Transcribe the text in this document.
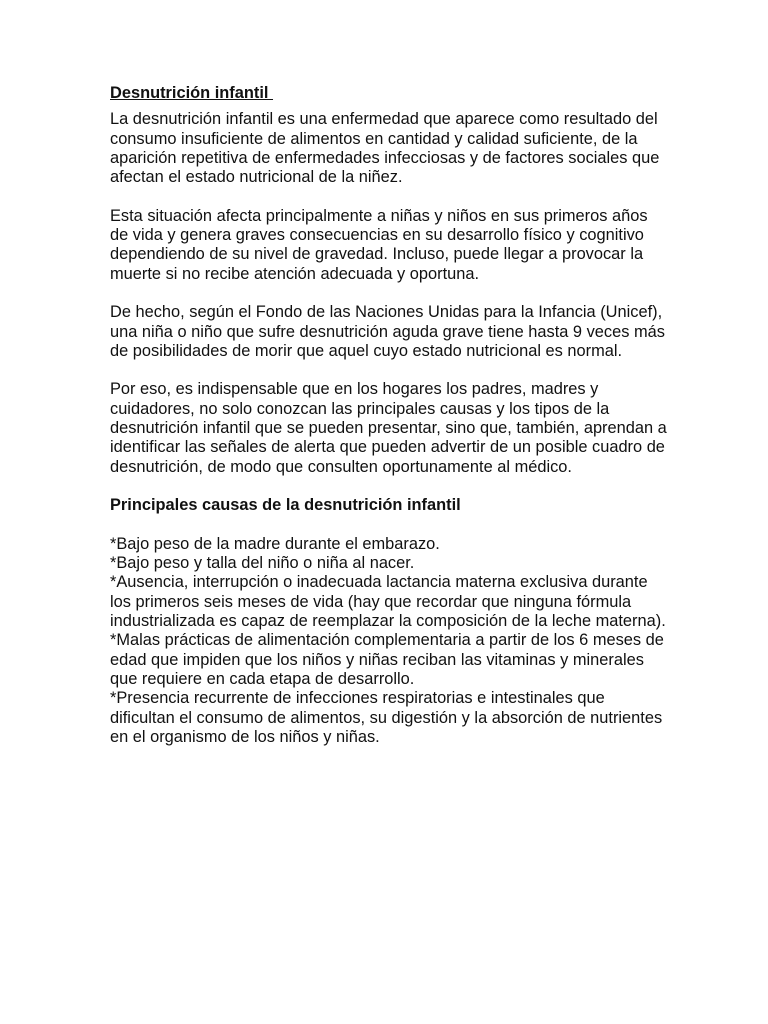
Desnutrición infantil

La desnutrición infantil es una enfermedad que aparece como resultado del consumo insuficiente de alimentos en cantidad y calidad suficiente, de la aparición repetitiva de enfermedades infecciosas y de factores sociales que afectan el estado nutricional de la niñez.

Esta situación afecta principalmente a niñas y niños en sus primeros años de vida y genera graves consecuencias en su desarrollo físico y cognitivo dependiendo de su nivel de gravedad. Incluso, puede llegar a provocar la muerte si no recibe atención adecuada y oportuna.

De hecho, según el Fondo de las Naciones Unidas para la Infancia (Unicef), una niña o niño que sufre desnutrición aguda grave tiene hasta 9 veces más de posibilidades de morir que aquel cuyo estado nutricional es normal.

Por eso, es indispensable que en los hogares los padres, madres y cuidadores, no solo conozcan las principales causas y los tipos de la desnutrición infantil que se pueden presentar, sino que, también, aprendan a identificar las señales de alerta que pueden advertir de un posible cuadro de desnutrición, de modo que consulten oportunamente al médico.

Principales causas de la desnutrición infantil

*Bajo peso de la madre durante el embarazo.

*Bajo peso y talla del niño o niña al nacer.

*Ausencia, interrupción o inadecuada lactancia materna exclusiva durante los primeros seis meses de vida (hay que recordar que ninguna fórmula industrializada es capaz de reemplazar la composición de la leche materna).

*Malas prácticas de alimentación complementaria a partir de los 6 meses de edad que impiden que los niños y niñas reciban las vitaminas y minerales que requiere en cada etapa de desarrollo.

*Presencia recurrente de infecciones respiratorias e intestinales que dificultan el consumo de alimentos, su digestión y la absorción de nutrientes en el organismo de los niños y niñas.
